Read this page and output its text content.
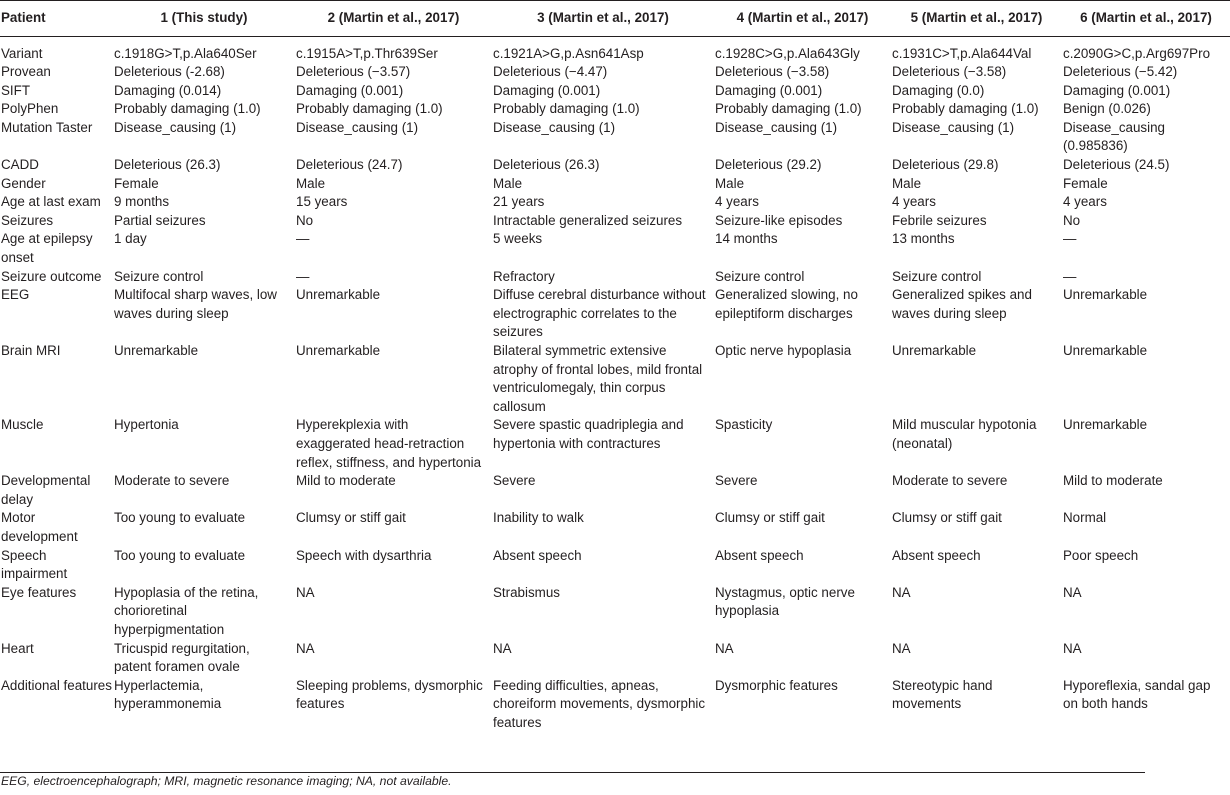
Patient	1 (This study)	2 (Martin et al., 2017)	3 (Martin et al., 2017)	4 (Martin et al., 2017)	5 (Martin et al., 2017)	6 (Martin et al., 2017)
Variant	c.1918G>T,p.Ala640Ser	c.1915A>T,p.Thr639Ser	c.1921A>G,p.Asn641Asp	c.1928C>G,p.Ala643Gly	c.1931C>T,p.Ala644Val	c.2090G>C,p.Arg697Pro
Provean	Deleterious (-2.68)	Deleterious (−3.57)	Deleterious (−4.47)	Deleterious (−3.58)	Deleterious (−3.58)	Deleterious (−5.42)
SIFT	Damaging (0.014)	Damaging (0.001)	Damaging (0.001)	Damaging (0.001)	Damaging (0.0)	Damaging (0.001)
PolyPhen	Probably damaging (1.0)	Probably damaging (1.0)	Probably damaging (1.0)	Probably damaging (1.0)	Probably damaging (1.0)	Benign (0.026)
Mutation Taster	Disease_causing (1)	Disease_causing (1)	Disease_causing (1)	Disease_causing (1)	Disease_causing (1)	Disease_causing (0.985836)
CADD	Deleterious (26.3)	Deleterious (24.7)	Deleterious (26.3)	Deleterious (29.2)	Deleterious (29.8)	Deleterious (24.5)
Gender	Female	Male	Male	Male	Male	Female
Age at last exam	9 months	15 years	21 years	4 years	4 years	4 years
Seizures	Partial seizures	No	Intractable generalized seizures	Seizure-like episodes	Febrile seizures	No
Age at epilepsy onset	1 day	—	5 weeks	14 months	13 months	—
Seizure outcome	Seizure control	—	Refractory	Seizure control	Seizure control	—
EEG	Multifocal sharp waves, low waves during sleep	Unremarkable	Diffuse cerebral disturbance without electrographic correlates to the seizures	Generalized slowing, no epileptiform discharges	Generalized spikes and waves during sleep	Unremarkable
Brain MRI	Unremarkable	Unremarkable	Bilateral symmetric extensive atrophy of frontal lobes, mild frontal ventriculomegaly, thin corpus callosum	Optic nerve hypoplasia	Unremarkable	Unremarkable
Muscle	Hypertonia	Hyperekplexia with exaggerated head-retraction reflex, stiffness, and hypertonia	Severe spastic quadriplegia and hypertonia with contractures	Spasticity	Mild muscular hypotonia (neonatal)	Unremarkable
Developmental delay	Moderate to severe	Mild to moderate	Severe	Severe	Moderate to severe	Mild to moderate
Motor development	Too young to evaluate	Clumsy or stiff gait	Inability to walk	Clumsy or stiff gait	Clumsy or stiff gait	Normal
Speech impairment	Too young to evaluate	Speech with dysarthria	Absent speech	Absent speech	Absent speech	Poor speech
Eye features	Hypoplasia of the retina, chorioretinal hyperpigmentation	NA	Strabismus	Nystagmus, optic nerve hypoplasia	NA	NA
Heart	Tricuspid regurgitation, patent foramen ovale	NA	NA	NA	NA	NA
Additional features	Hyperlactemia, hyperammonemia	Sleeping problems, dysmorphic features	Feeding difficulties, apneas, choreiform movements, dysmorphic features	Dysmorphic features	Stereotypic hand movements	Hyporeflexia, sandal gap on both hands
EEG, electroencephalograph; MRI, magnetic resonance imaging; NA, not available.
